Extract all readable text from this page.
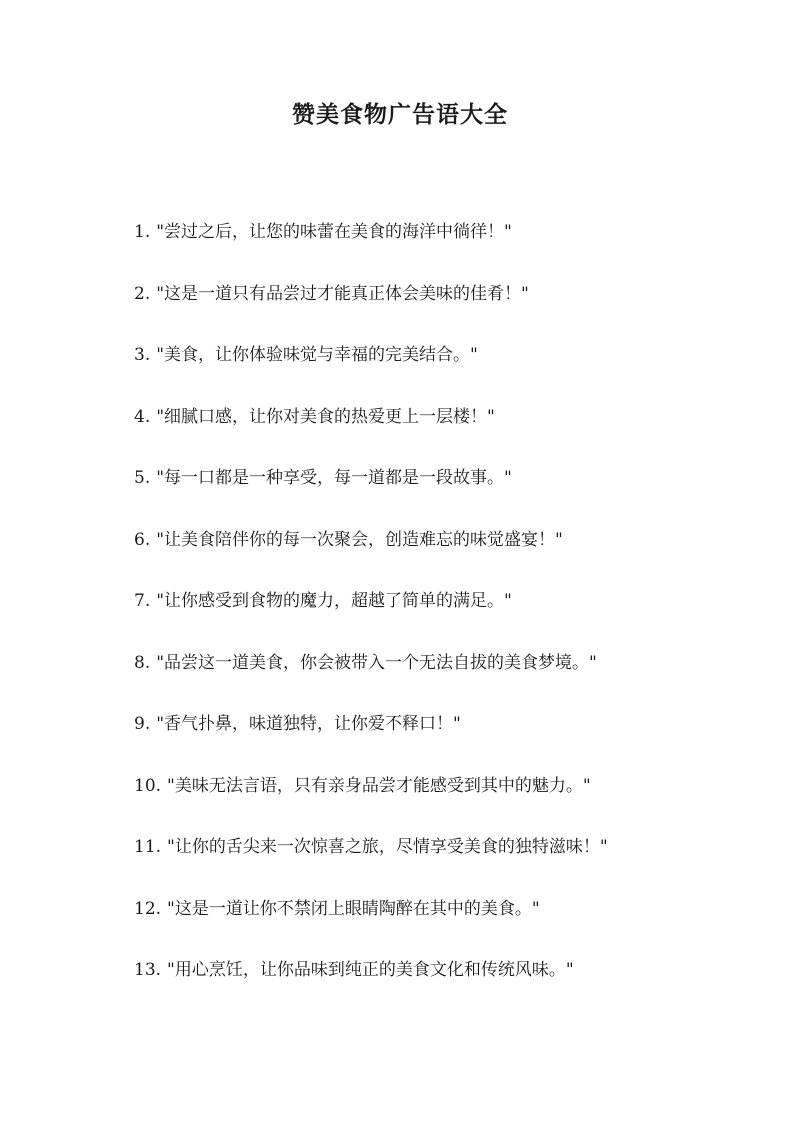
赞美食物广告语大全
1. "尝过之后，让您的味蕾在美食的海洋中徜徉！"
2. "这是一道只有品尝过才能真正体会美味的佳肴！"
3. "美食，让你体验味觉与幸福的完美结合。"
4. "细腻口感，让你对美食的热爱更上一层楼！"
5. "每一口都是一种享受，每一道都是一段故事。"
6. "让美食陪伴你的每一次聚会，创造难忘的味觉盛宴！"
7. "让你感受到食物的魔力，超越了简单的满足。"
8. "品尝这一道美食，你会被带入一个无法自拔的美食梦境。"
9. "香气扑鼻，味道独特，让你爱不释口！"
10. "美味无法言语，只有亲身品尝才能感受到其中的魅力。"
11. "让你的舌尖来一次惊喜之旅，尽情享受美食的独特滋味！"
12. "这是一道让你不禁闭上眼睛陶醉在其中的美食。"
13. "用心烹饪，让你品味到纯正的美食文化和传统风味。"
